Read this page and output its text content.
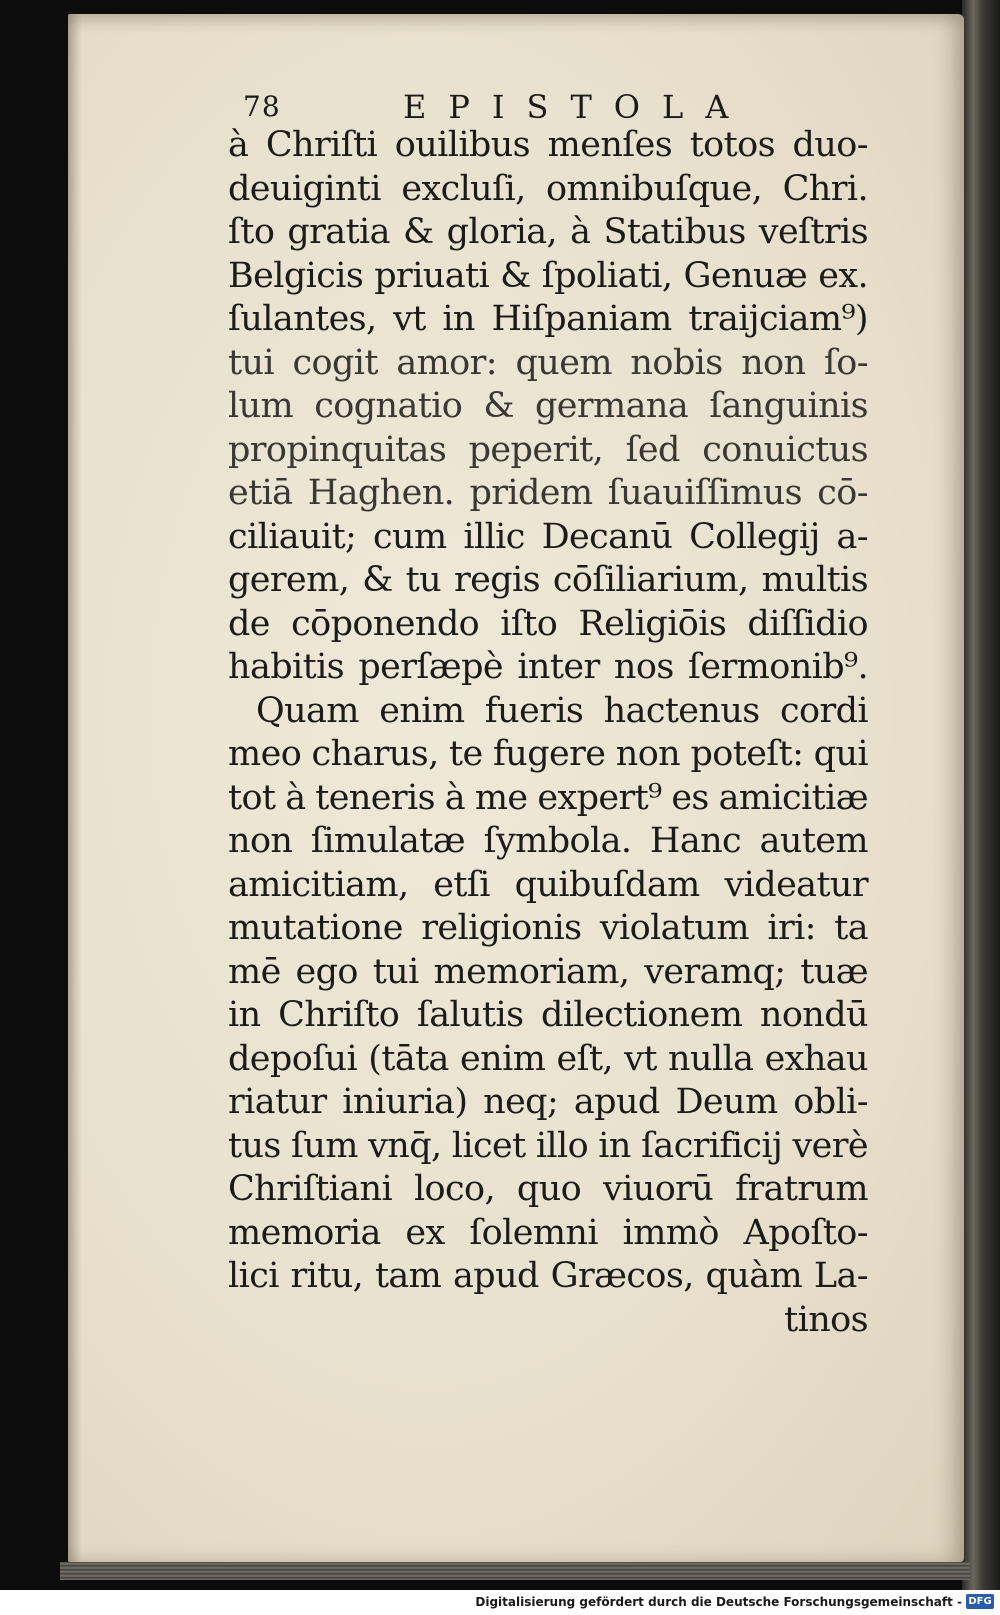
78	EPISTOLA
à Chriſti ouilibus menſes totos duo-
deuiginti excluſi, omnibuſque, Chri.
ſto gratia & gloria, à Statibus veſtris
Belgicis priuati & ſpoliati, Genuæ ex.
ſulantes, vt in Hiſpaniam traijciam⁹)
tui cogit amor: quem nobis non ſo-
lum cognatio & germana ſanguinis
propinquitas peperit, ſed conuictus
etiā Haghen. pridem ſuauiſſimus cō-
ciliauit; cum illic Decanū Collegij a-
gerem, & tu regis cōſiliarium, multis
de cōponendo iſto Religiōis diſſidio
habitis perſæpè inter nos ſermonib⁹.
Quam enim fueris hactenus cordi
meo charus, te fugere non poteſt: qui
tot à teneris à me expert⁹ es amicitiæ
non ſimulatæ ſymbola. Hanc autem
amicitiam, etſi quibuſdam videatur
mutatione religionis violatum iri: ta
mē ego tui memoriam, veramq; tuæ
in Chriſto ſalutis dilectionem nondū
depoſui (tāta enim eſt, vt nulla exhau
riatur iniuria) neq; apud Deum obli-
tus ſum vnq̄, licet illo in ſacrificij verè
Chriſtiani loco, quo viuorū fratrum
memoria ex ſolemni immò Apoſto-
lici ritu, tam apud Græcos, quàm La-
tinos
Digitalisierung gefördert durch die Deutsche Forschungsgemeinschaft - DFG
